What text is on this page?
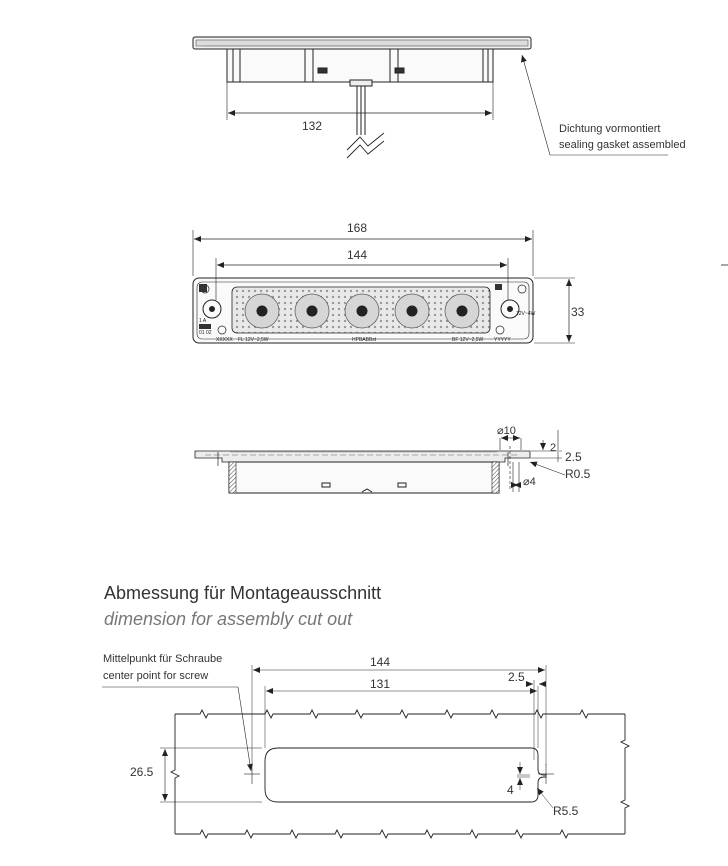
132	Dichtung vormontiert
sealing gasket assembled
XXXXX FL 12V~2,5W	HPBABBst	BF 12V~2,5W YYYYY
1 A
01 02
12V~4W
168
144
33
⌀10
2
2.5
R0.5
⌀4
Mittelpunkt für Schraube
center point for screw
144
131	2.5
26.5
4
R5.5
Abmessung für Montageausschnitt
dimension for assembly cut out
